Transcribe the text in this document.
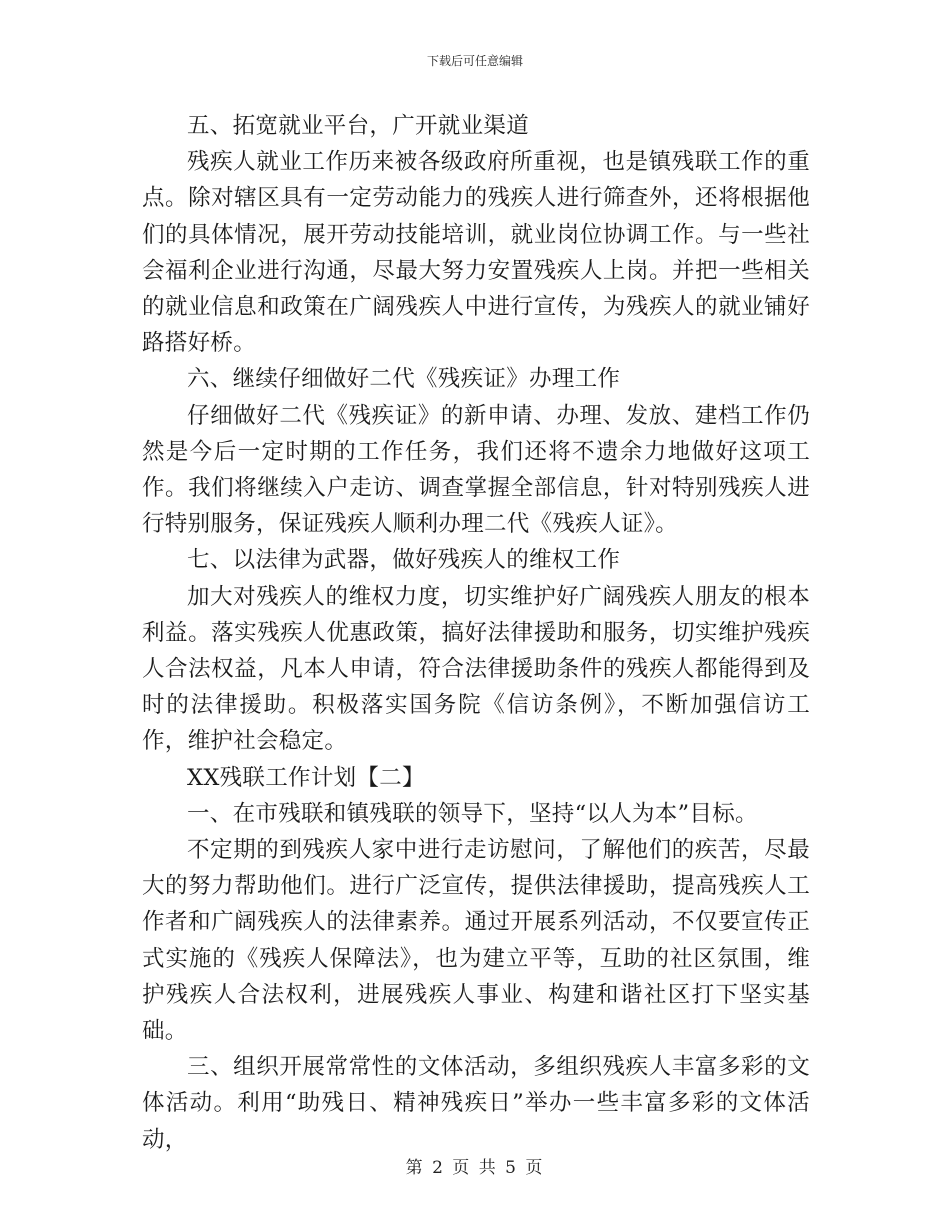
下载后可任意编辑

五、拓宽就业平台，广开就业渠道

残疾人就业工作历来被各级政府所重视，也是镇残联工作的重点。除对辖区具有一定劳动能力的残疾人进行筛查外，还将根据他们的具体情况，展开劳动技能培训，就业岗位协调工作。与一些社会福利企业进行沟通，尽最大努力安置残疾人上岗。并把一些相关的就业信息和政策在广阔残疾人中进行宣传，为残疾人的就业铺好路搭好桥。

六、继续仔细做好二代《残疾证》办理工作

仔细做好二代《残疾证》的新申请、办理、发放、建档工作仍然是今后一定时期的工作任务，我们还将不遗余力地做好这项工作。我们将继续入户走访、调查掌握全部信息，针对特别残疾人进行特别服务，保证残疾人顺利办理二代《残疾人证》。

七、以法律为武器，做好残疾人的维权工作

加大对残疾人的维权力度，切实维护好广阔残疾人朋友的根本利益。落实残疾人优惠政策，搞好法律援助和服务，切实维护残疾人合法权益，凡本人申请，符合法律援助条件的残疾人都能得到及时的法律援助。积极落实国务院《信访条例》，不断加强信访工作，维护社会稳定。

XX残联工作计划【二】

一、在市残联和镇残联的领导下，坚持“以人为本”目标。

不定期的到残疾人家中进行走访慰问，了解他们的疾苦，尽最大的努力帮助他们。进行广泛宣传，提供法律援助，提高残疾人工作者和广阔残疾人的法律素养。通过开展系列活动，不仅要宣传正式实施的《残疾人保障法》，也为建立平等，互助的社区氛围，维护残疾人合法权利，进展残疾人事业、构建和谐社区打下坚实基础。

三、组织开展常常性的文体活动，多组织残疾人丰富多彩的文体活动。利用“助残日、精神残疾日”举办一些丰富多彩的文体活动，

第 2 页 共 5 页
